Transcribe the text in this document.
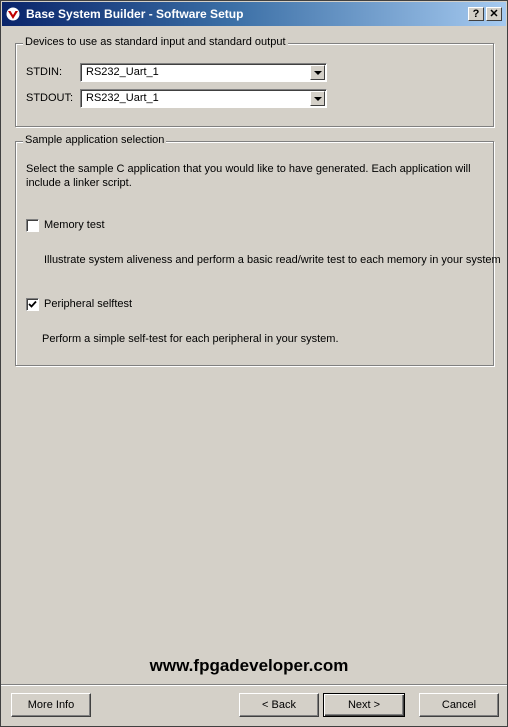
Base System Builder - Software Setup	? ✕
Devices to use as standard input and standard output
STDIN: RS232_Uart_1
STDOUT: RS232_Uart_1
Sample application selection
Select the sample C application that you would like to have generated. Each application will
include a linker script.
Memory test
Illustrate system aliveness and perform a basic read/write test to each memory in your system
Peripheral selftest
Perform a simple self-test for each peripheral in your system.
www.fpgadeveloper.com
More Info	< Back	Next >	Cancel
